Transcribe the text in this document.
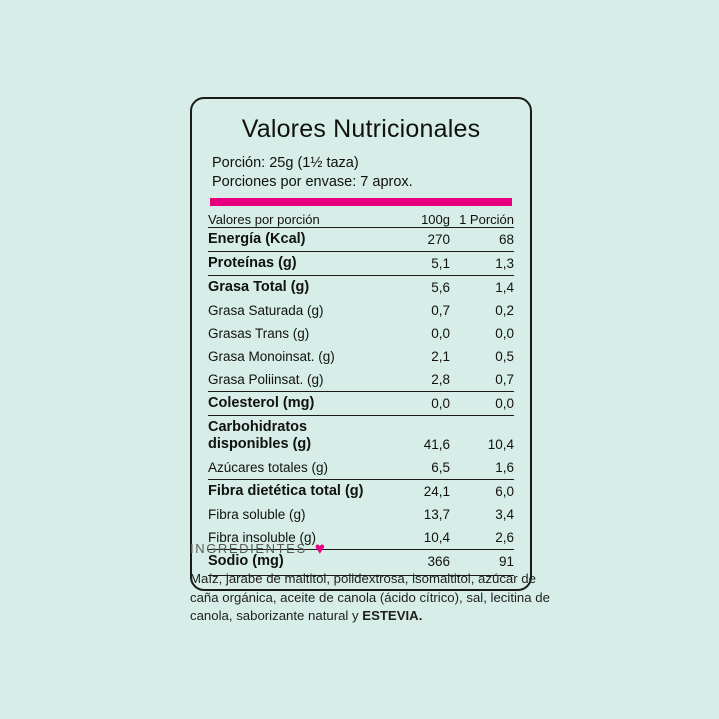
Valores Nutricionales
Porción: 25g (1½ taza)
Porciones por envase: 7 aprox.
Valores por porción	100g	1 Porción
Energía (Kcal)	270	68
Proteínas (g)	5,1	1,3
Grasa Total (g)	5,6	1,4
Grasa Saturada (g)	0,7	0,2
Grasas Trans (g)	0,0	0,0
Grasa Monoinsat. (g)	2,1	0,5
Grasa Poliinsat. (g)	2,8	0,7
Colesterol (mg)	0,0	0,0
Carbohidratos disponibles (g)	41,6	10,4
Azúcares totales (g)	6,5	1,6
Fibra dietética total (g)	24,1	6,0
Fibra soluble (g)	13,7	3,4
Fibra insoluble (g)	10,4	2,6
Sodio (mg)	366	91
INGREDIENTES ♥
Maíz, jarabe de maltitol, polidextrosa, isomaltitol, azúcar de caña orgánica, aceite de canola (ácido cítrico), sal, lecitina de canola, saborizante natural y ESTEVIA.
